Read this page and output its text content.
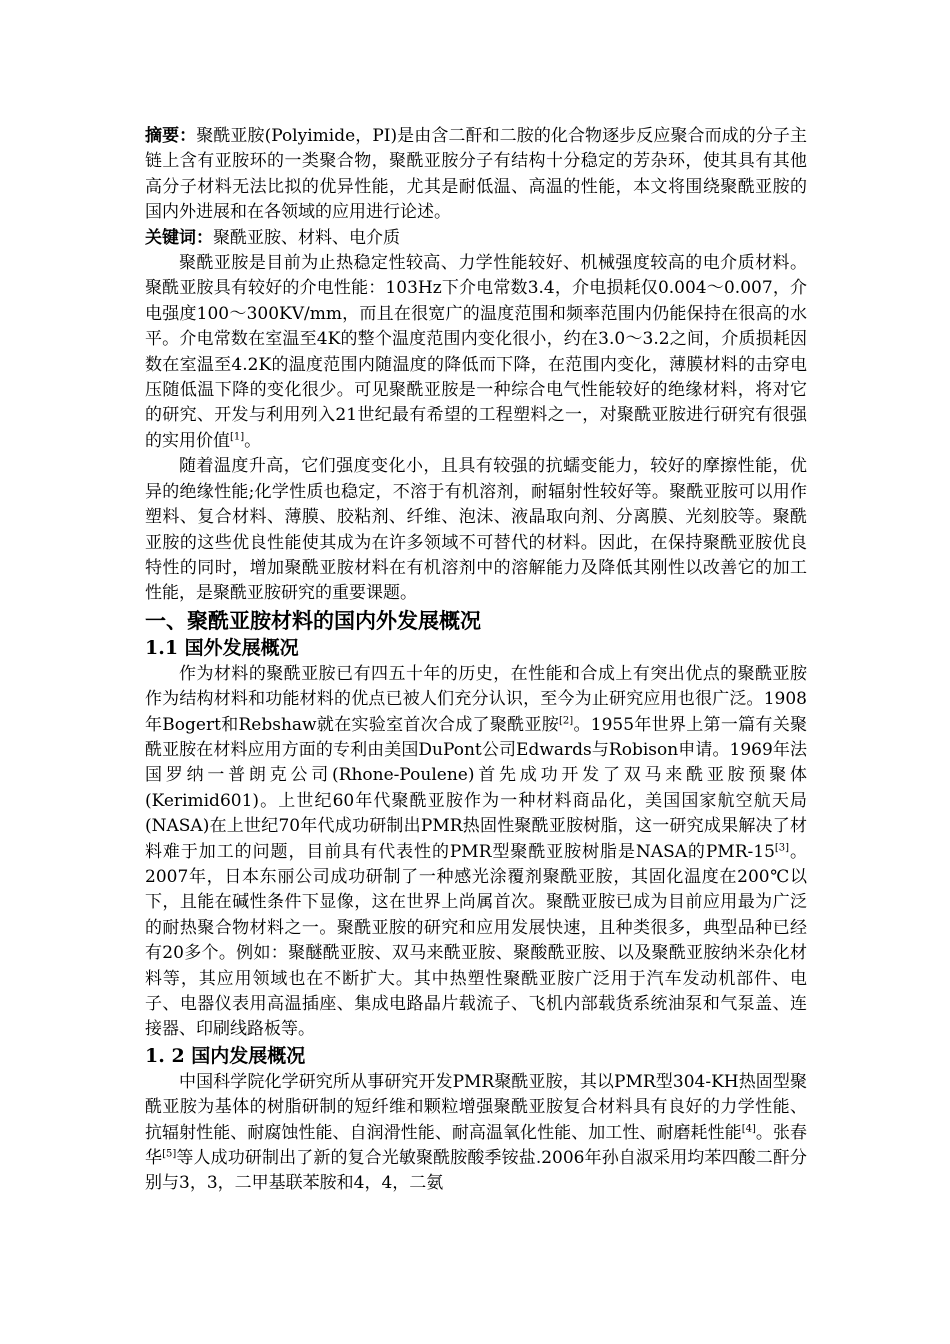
摘要：聚酰亚胺(Polyimide，PI)是由含二酐和二胺的化合物逐步反应聚合而成的分子主链上含有亚胺环的一类聚合物，聚酰亚胺分子有结构十分稳定的芳杂环，使其具有其他高分子材料无法比拟的优异性能，尤其是耐低温、高温的性能，本文将围绕聚酰亚胺的国内外进展和在各领域的应用进行论述。

关键词：聚酰亚胺、材料、电介质

聚酰亚胺是目前为止热稳定性较高、力学性能较好、机械强度较高的电介质材料。聚酰亚胺具有较好的介电性能：103Hz下介电常数3.4，介电损耗仅0.004～0.007，介电强度100～300KV/mm，而且在很宽广的温度范围和频率范围内仍能保持在很高的水平。介电常数在室温至4K的整个温度范围内变化很小，约在3.0～3.2之间，介质损耗因数在室温至4.2K的温度范围内随温度的降低而下降，在范围内变化，薄膜材料的击穿电压随低温下降的变化很少。可见聚酰亚胺是一种综合电气性能较好的绝缘材料，将对它的研究、开发与利用列入21世纪最有希望的工程塑料之一，对聚酰亚胺进行研究有很强的实用价值[1]。

随着温度升高，它们强度变化小，且具有较强的抗蠕变能力，较好的摩擦性能，优异的绝缘性能;化学性质也稳定，不溶于有机溶剂，耐辐射性较好等。聚酰亚胺可以用作塑料、复合材料、薄膜、胶粘剂、纤维、泡沫、液晶取向剂、分离膜、光刻胶等。聚酰亚胺的这些优良性能使其成为在许多领域不可替代的材料。因此，在保持聚酰亚胺优良特性的同时，增加聚酰亚胺材料在有机溶剂中的溶解能力及降低其刚性以改善它的加工性能，是聚酰亚胺研究的重要课题。

一、聚酰亚胺材料的国内外发展概况
1.1 国外发展概况

作为材料的聚酰亚胺已有四五十年的历史，在性能和合成上有突出优点的聚酰亚胺作为结构材料和功能材料的优点已被人们充分认识，至今为止研究应用也很广泛。1908年Bogert和Rebshaw就在实验室首次合成了聚酰亚胺[2]。1955年世界上第一篇有关聚酰亚胺在材料应用方面的专利由美国DuPont公司Edwards与Robison申请。1969年法国罗纳一普朗克公司(Rhone-Poulene)首先成功开发了双马来酰亚胺预聚体(Kerimid601)。上世纪60年代聚酰亚胺作为一种材料商品化，美国国家航空航天局(NASA)在上世纪70年代成功研制出PMR热固性聚酰亚胺树脂，这一研究成果解决了材料难于加工的问题，目前具有代表性的PMR型聚酰亚胺树脂是NASA的PMR-15[3]。2007年，日本东丽公司成功研制了一种感光涂覆剂聚酰亚胺，其固化温度在200℃以下，且能在碱性条件下显像，这在世界上尚属首次。聚酰亚胺已成为目前应用最为广泛的耐热聚合物材料之一。聚酰亚胺的研究和应用发展快速，且种类很多，典型品种已经有20多个。例如：聚醚酰亚胺、双马来酰亚胺、聚酸酰亚胺、以及聚酰亚胺纳米杂化材料等，其应用领域也在不断扩大。其中热塑性聚酰亚胺广泛用于汽车发动机部件、电子、电器仪表用高温插座、集成电路晶片载流子、飞机内部载货系统油泵和气泵盖、连接器、印刷线路板等。

1. 2 国内发展概况

中国科学院化学研究所从事研究开发PMR聚酰亚胺，其以PMR型304-KH热固型聚酰亚胺为基体的树脂研制的短纤维和颗粒增强聚酰亚胺复合材料具有良好的力学性能、抗辐射性能、耐腐蚀性能、自润滑性能、耐高温氧化性能、加工性、耐磨耗性能[4]。张春华[5]等人成功研制出了新的复合光敏聚酰胺酸季铵盐.2006年孙自淑采用均苯四酸二酐分别与3，3，二甲基联苯胺和4，4，二氨
